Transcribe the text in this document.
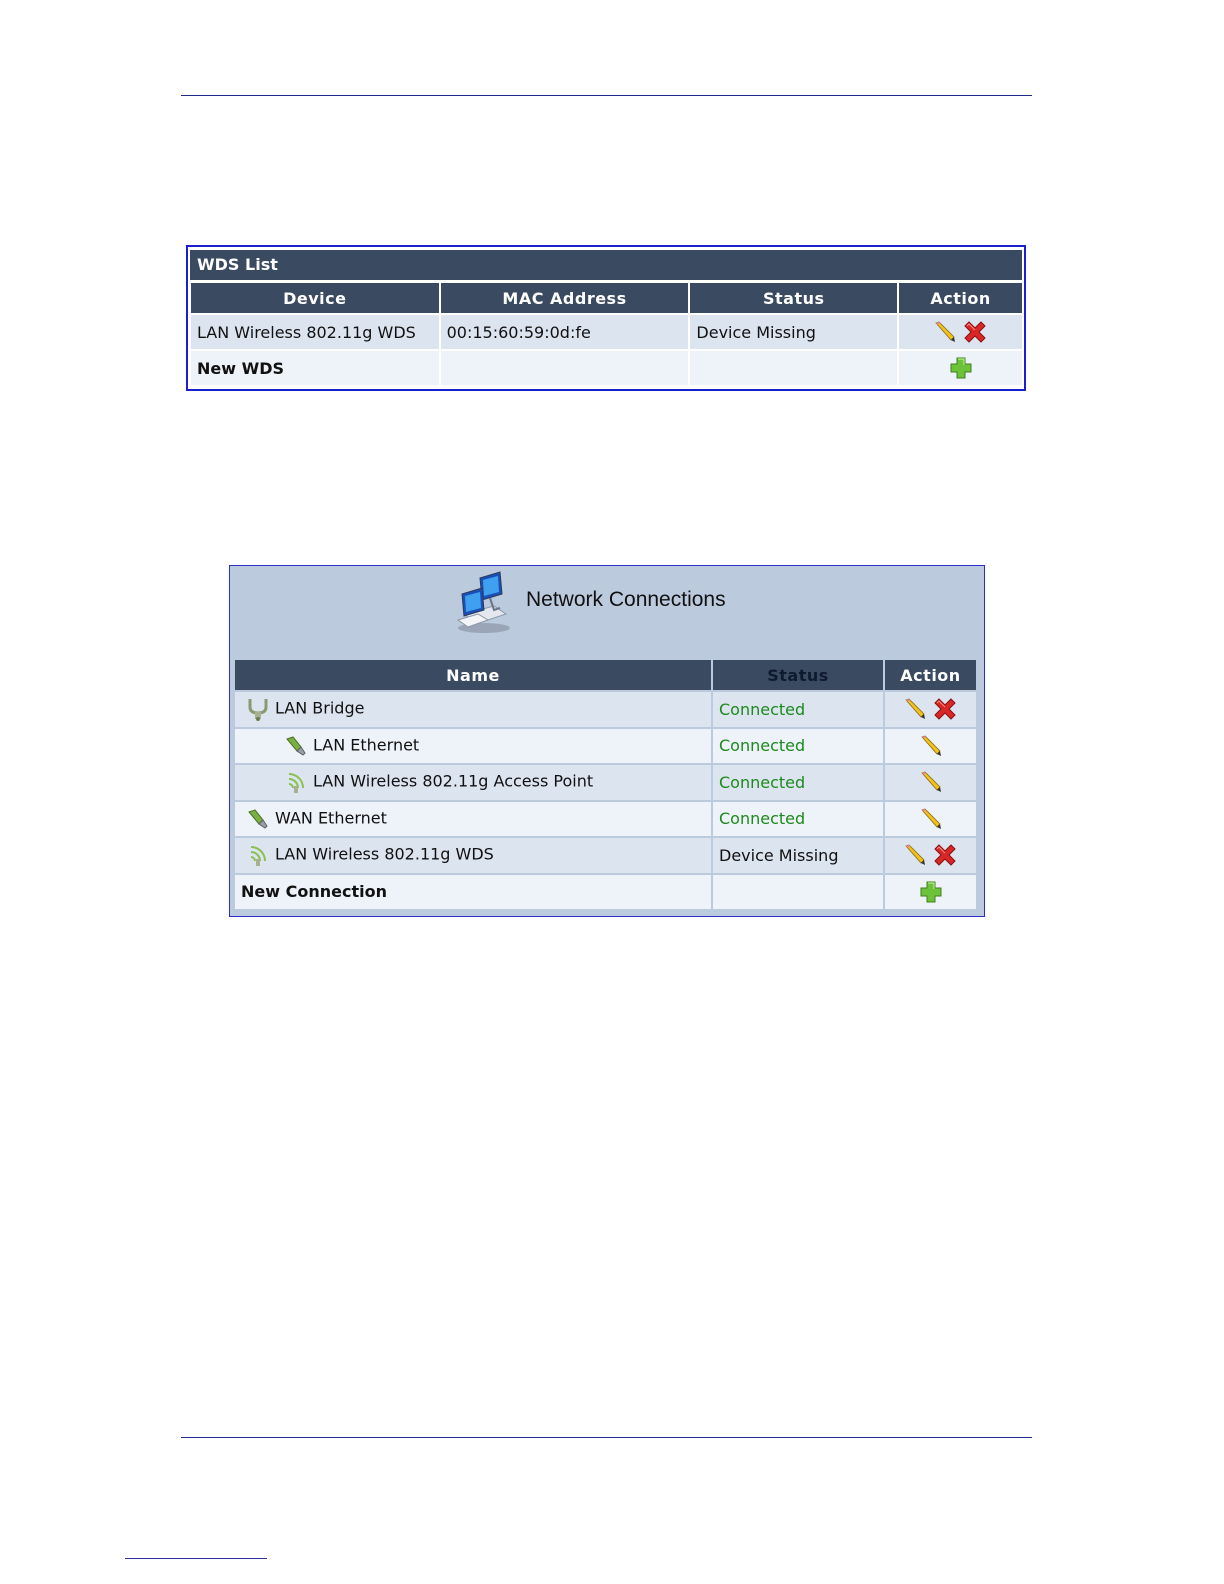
WDS List
Device	MAC Address	Status	Action
LAN Wireless 802.11g WDS	00:15:60:59:0d:fe	Device Missing	

New WDS			
Network Connections
Name	Status	Action

LAN Bridge	Connected	

LAN Ethernet	Connected	

LAN Wireless 802.11g Access Point	Connected	

WAN Ethernet	Connected	

LAN Wireless 802.11g WDS	Device Missing	

New Connection		
